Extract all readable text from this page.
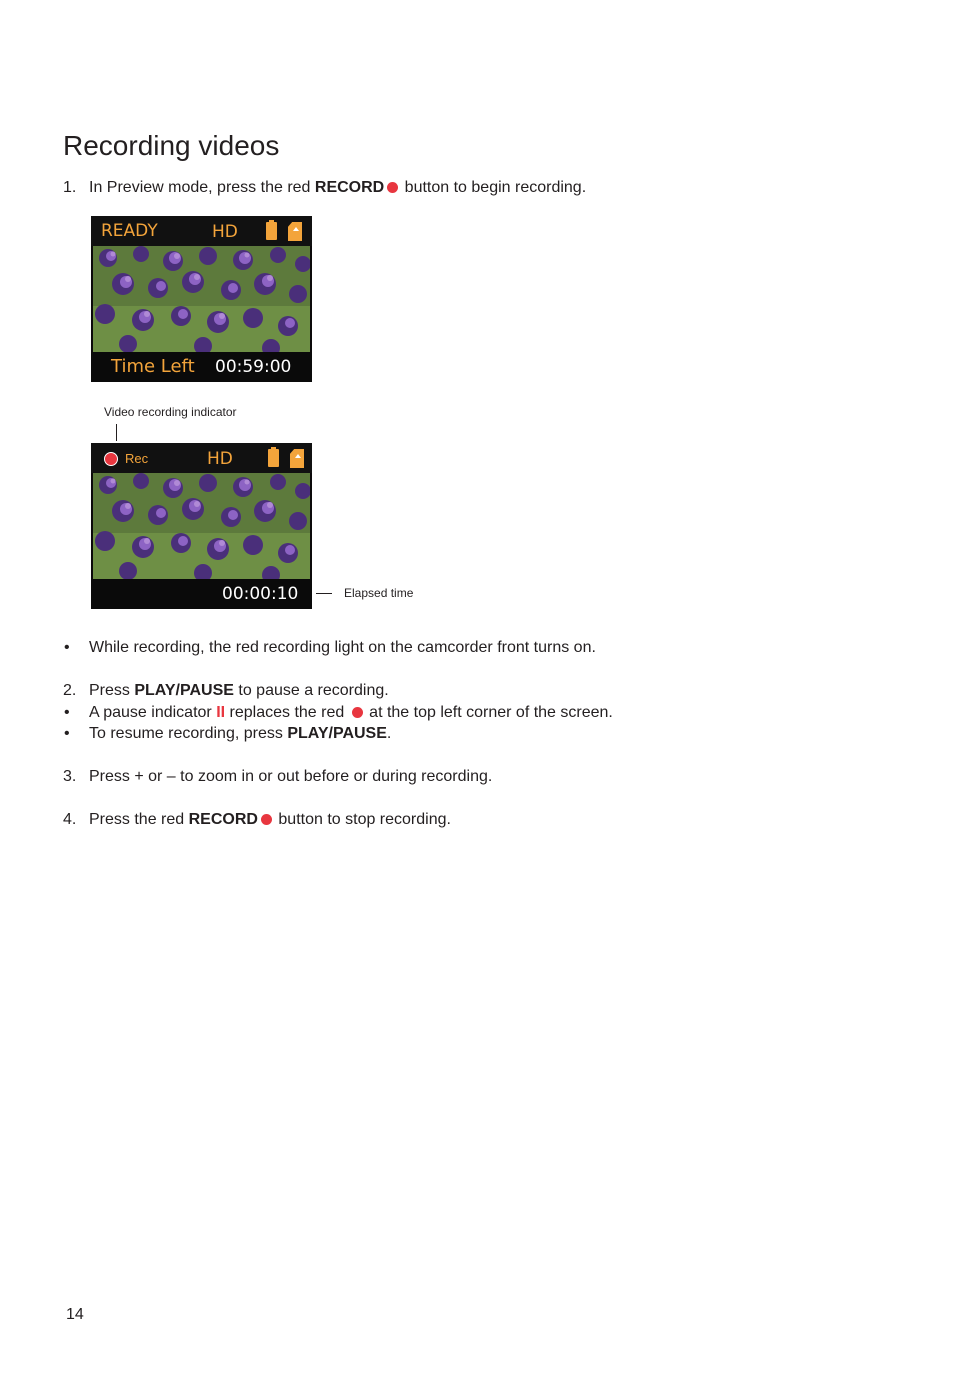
Recording videos
1. In Preview mode, press the red RECORD button to begin recording.
READY	HD
Time Left 00:59:00
Video recording indicator
Rec	HD
00:00:10	Elapsed time
• While recording, the red recording light on the camcorder front turns on.
2. Press PLAY/PAUSE to pause a recording.
• A pause indicator II replaces the red  at the top left corner of the screen.
• To resume recording, press PLAY/PAUSE.
3. Press + or – to zoom in or out before or during recording.
4. Press the red RECORD button to stop recording.
14
